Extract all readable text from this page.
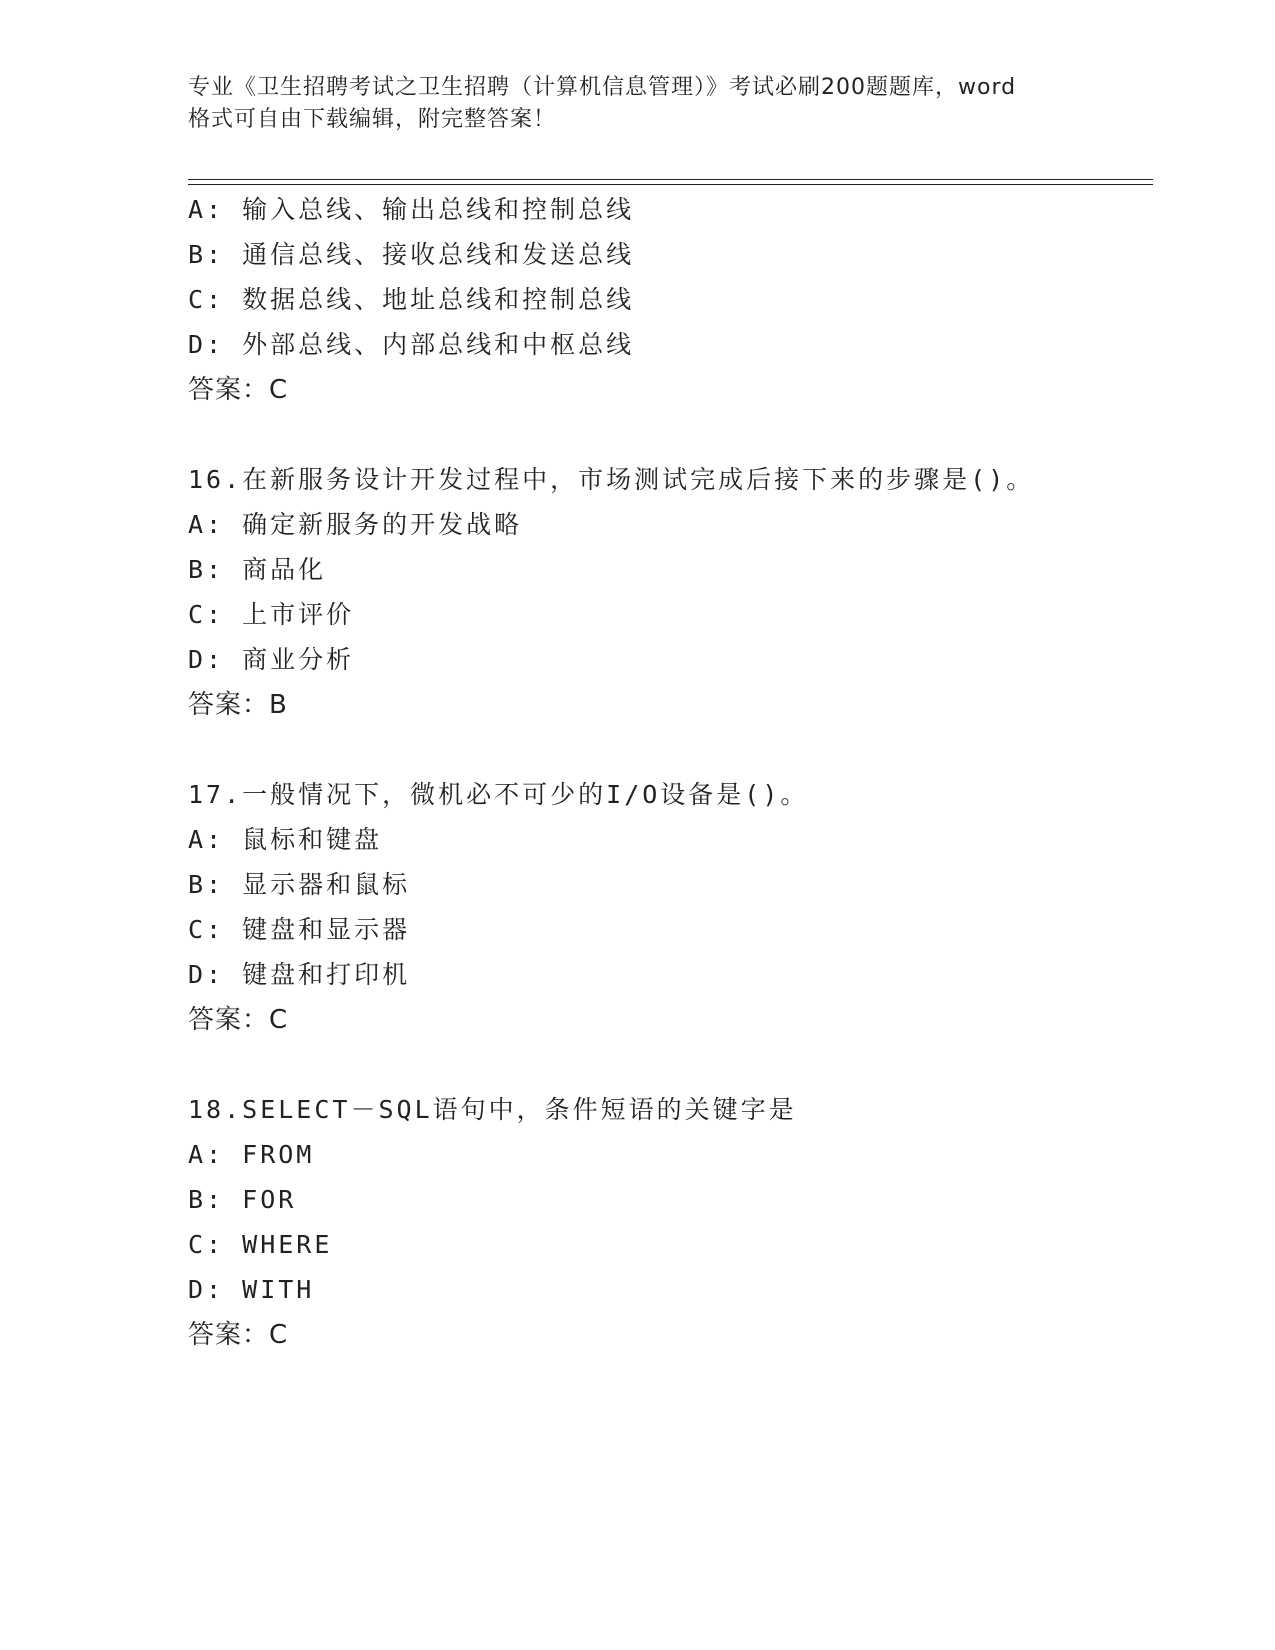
专业《卫生招聘考试之卫生招聘（计算机信息管理）》考试必刷200题题库，word
格式可自由下载编辑，附完整答案！
A: 输入总线、输出总线和控制总线
B: 通信总线、接收总线和发送总线
C: 数据总线、地址总线和控制总线
D: 外部总线、内部总线和中枢总线
答案：C
16.在新服务设计开发过程中，市场测试完成后接下来的步骤是()。
A: 确定新服务的开发战略
B: 商品化
C: 上市评价
D: 商业分析
答案：B
17.一般情况下，微机必不可少的I/O设备是()。
A: 鼠标和键盘
B: 显示器和鼠标
C: 键盘和显示器
D: 键盘和打印机
答案：C
18.SELECT－SQL语句中，条件短语的关键字是
A: FROM
B: FOR
C: WHERE
D: WITH
答案：C
